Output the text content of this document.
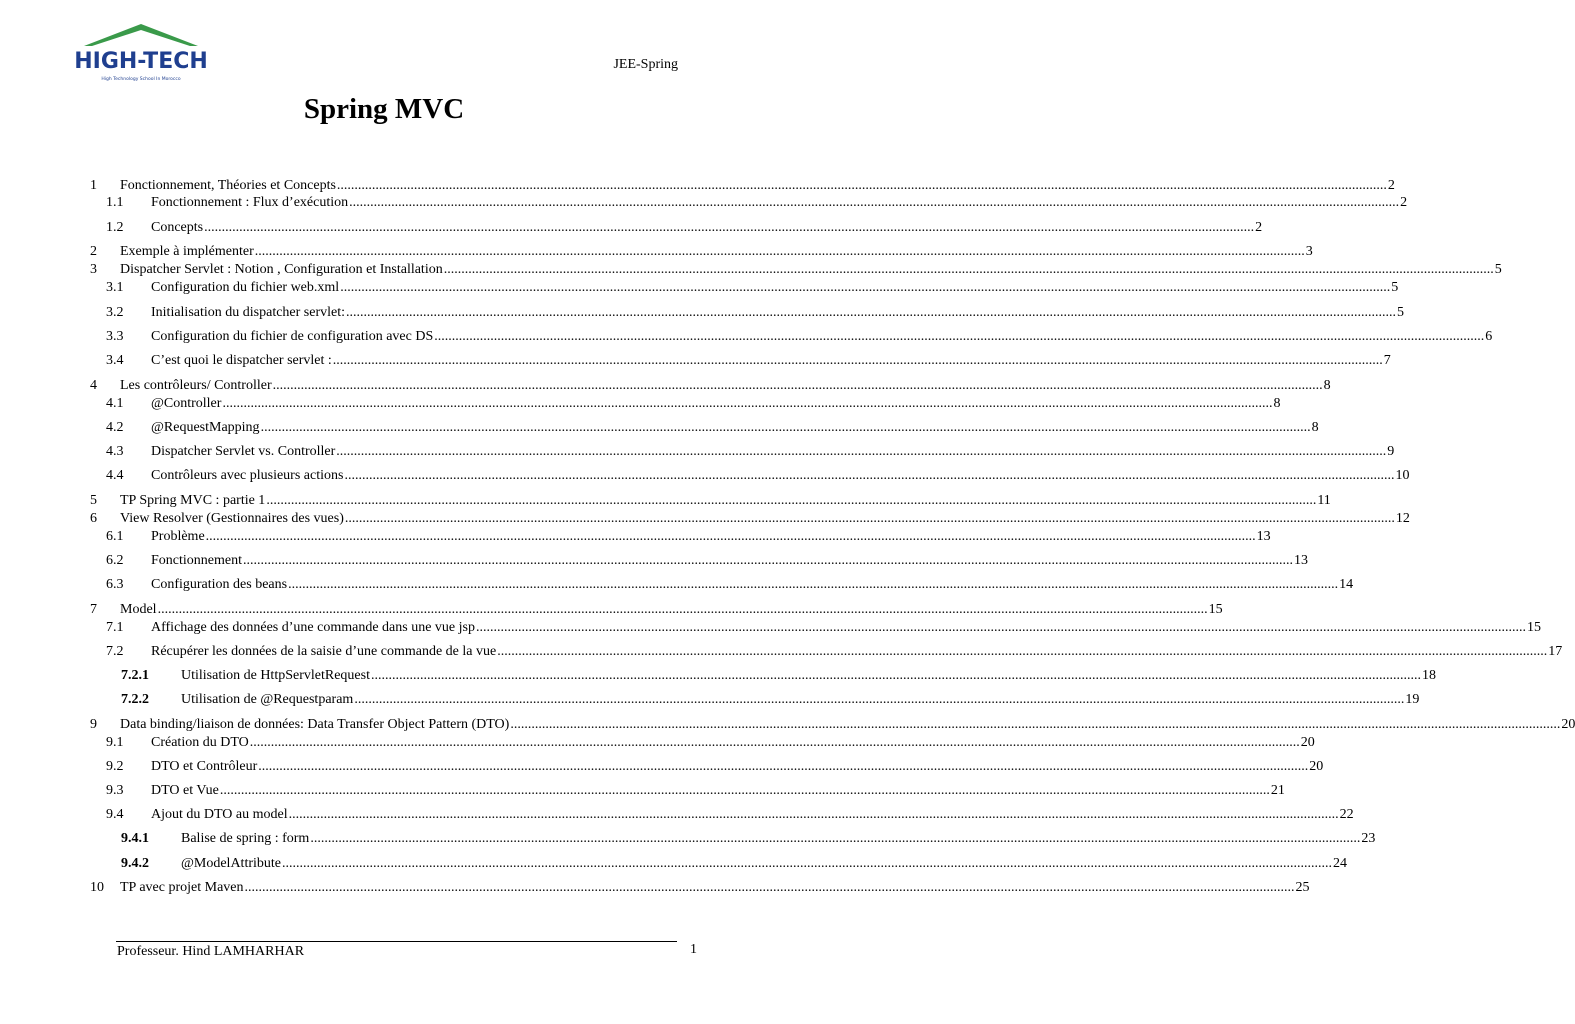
HIGH-TECH
High Technology School In Morocco
JEE-Spring
Spring MVC
1 Fonctionnement, Théories et Concepts ............................................................................................................................................................................................................................................................................................................ 2
1.1 Fonctionnement : Flux d’exécution ............................................................................................................................................................................................................................................................................................................ 2
1.2 Concepts ............................................................................................................................................................................................................................................................................................................ 2
2 Exemple à implémenter ............................................................................................................................................................................................................................................................................................................ 3
3 Dispatcher Servlet : Notion , Configuration et Installation ............................................................................................................................................................................................................................................................................................................ 5
3.1 Configuration du fichier web.xml ............................................................................................................................................................................................................................................................................................................ 5
3.2 Initialisation du dispatcher servlet: ............................................................................................................................................................................................................................................................................................................ 5
3.3 Configuration du fichier de configuration avec DS ............................................................................................................................................................................................................................................................................................................ 6
3.4 C’est quoi le dispatcher servlet : ............................................................................................................................................................................................................................................................................................................ 7
4 Les contrôleurs/ Controller ............................................................................................................................................................................................................................................................................................................ 8
4.1 @Controller ............................................................................................................................................................................................................................................................................................................ 8
4.2 @RequestMapping ............................................................................................................................................................................................................................................................................................................ 8
4.3 Dispatcher Servlet vs. Controller ............................................................................................................................................................................................................................................................................................................ 9
4.4 Contrôleurs avec plusieurs actions ............................................................................................................................................................................................................................................................................................................ 10
5 TP Spring MVC : partie 1 ............................................................................................................................................................................................................................................................................................................ 11
6 View Resolver (Gestionnaires des vues) ............................................................................................................................................................................................................................................................................................................ 12
6.1 Problème ............................................................................................................................................................................................................................................................................................................ 13
6.2 Fonctionnement ............................................................................................................................................................................................................................................................................................................ 13
6.3 Configuration des beans ............................................................................................................................................................................................................................................................................................................ 14
7 Model ............................................................................................................................................................................................................................................................................................................ 15
7.1 Affichage des données d’une commande dans une vue jsp ............................................................................................................................................................................................................................................................................................................ 15
7.2 Récupérer les données de la saisie d’une commande de la vue ............................................................................................................................................................................................................................................................................................................ 17
7.2.1 Utilisation de HttpServletRequest ............................................................................................................................................................................................................................................................................................................ 18
7.2.2 Utilisation de @Requestparam ............................................................................................................................................................................................................................................................................................................ 19
9 Data binding/liaison de données: Data Transfer Object Pattern (DTO) ............................................................................................................................................................................................................................................................................................................ 20
9.1 Création du DTO ............................................................................................................................................................................................................................................................................................................ 20
9.2 DTO et Contrôleur ............................................................................................................................................................................................................................................................................................................ 20
9.3 DTO et Vue ............................................................................................................................................................................................................................................................................................................ 21
9.4 Ajout du DTO au model ............................................................................................................................................................................................................................................................................................................ 22
9.4.1 Balise de spring : form ............................................................................................................................................................................................................................................................................................................ 23
9.4.2 @ModelAttribute ............................................................................................................................................................................................................................................................................................................ 24
10 TP avec projet Maven ............................................................................................................................................................................................................................................................................................................ 25
Professeur. Hind LAMHARHAR	1
